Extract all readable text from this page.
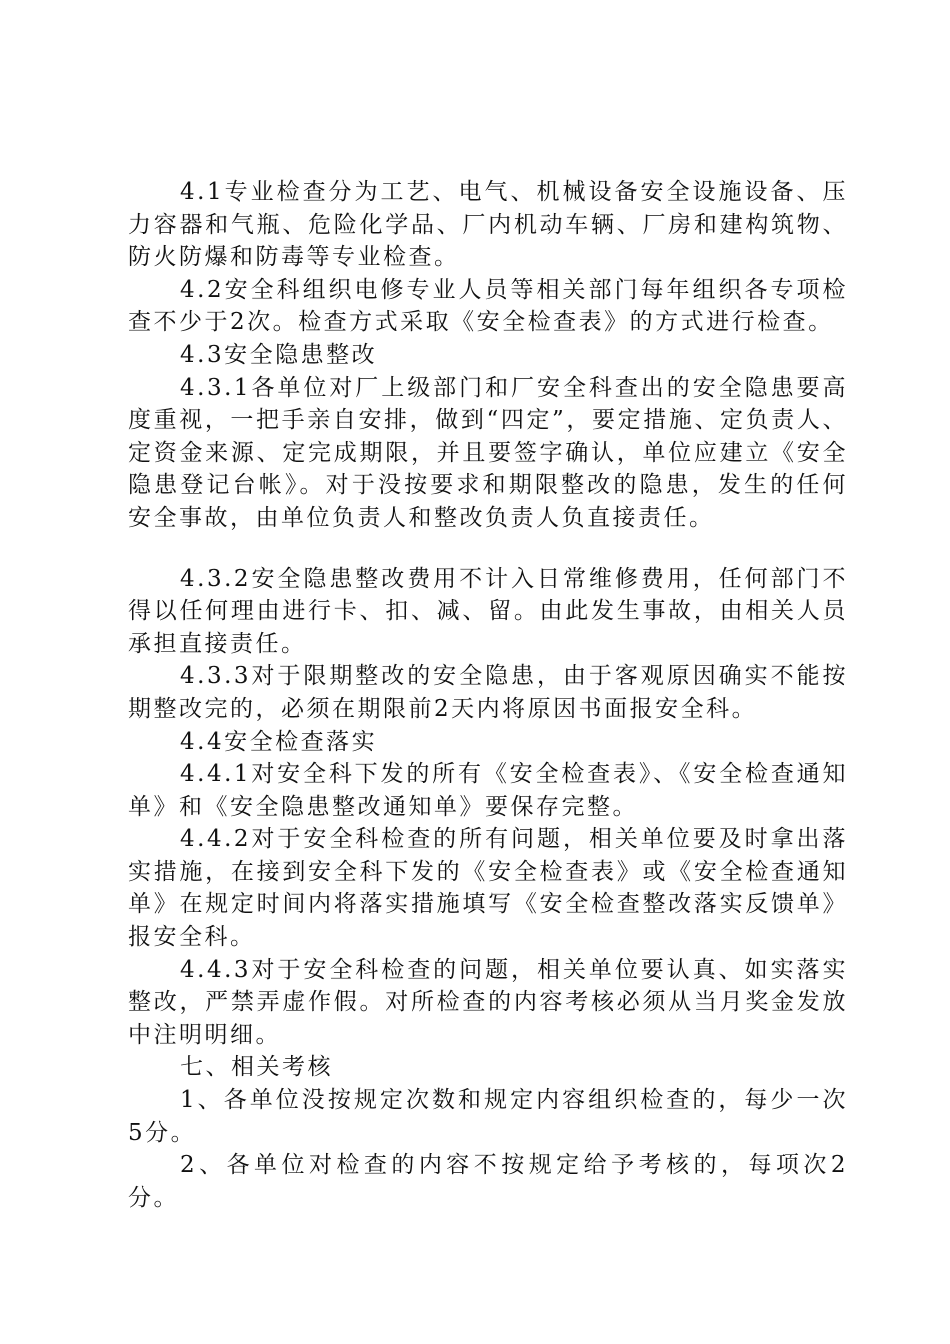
4.1专业检查分为工艺、电气、机械设备安全设施设备、压力容器和气瓶、危险化学品、厂内机动车辆、厂房和建构筑物、防火防爆和防毒等专业检查。

4.2安全科组织电修专业人员等相关部门每年组织各专项检查不少于2次。检查方式采取《安全检查表》的方式进行检查。

4.3安全隐患整改

4.3.1各单位对厂上级部门和厂安全科查出的安全隐患要高度重视，一把手亲自安排，做到“四定”，要定措施、定负责人、定资金来源、定完成期限，并且要签字确认，单位应建立《安全隐患登记台帐》。对于没按要求和期限整改的隐患，发生的任何安全事故，由单位负责人和整改负责人负直接责任。

4.3.2安全隐患整改费用不计入日常维修费用，任何部门不得以任何理由进行卡、扣、减、留。由此发生事故，由相关人员承担直接责任。

4.3.3对于限期整改的安全隐患，由于客观原因确实不能按期整改完的，必须在期限前2天内将原因书面报安全科。

4.4安全检查落实

4.4.1对安全科下发的所有《安全检查表》、《安全检查通知单》和《安全隐患整改通知单》要保存完整。

4.4.2对于安全科检查的所有问题，相关单位要及时拿出落实措施，在接到安全科下发的《安全检查表》或《安全检查通知单》在规定时间内将落实措施填写《安全检查整改落实反馈单》报安全科。

4.4.3对于安全科检查的问题，相关单位要认真、如实落实整改，严禁弄虚作假。对所检查的内容考核必须从当月奖金发放中注明明细。

七、相关考核

1、各单位没按规定次数和规定内容组织检查的，每少一次5分。

2、各单位对检查的内容不按规定给予考核的，每项次2分。
